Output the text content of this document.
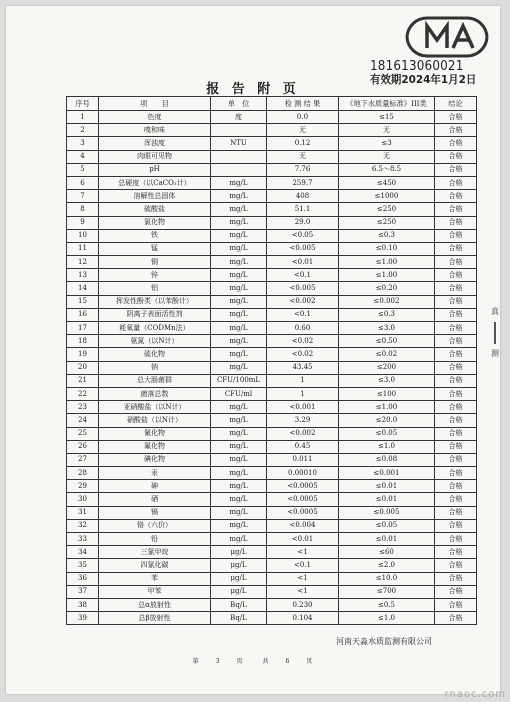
181613060021
有效期2024年1月2日
报 告 附 页
序号	项　　目	单　位	检 测 结 果	《地下水质量标准》III类	结论
1	色度	度	0.0	≤15	合格
2	嗅和味		无	无	合格
3	浑浊度	NTU	0.12	≤3	合格
4	肉眼可见物		无	无	合格
5	pH		7.76	6.5～8.5	合格
6	总硬度（以CaCO₃计）	mg/L	259.7	≤450	合格
7	溶解性总固体	mg/L	408	≤1000	合格
8	硫酸盐	mg/L	51.1	≤250	合格
9	氯化物	mg/L	29.0	≤250	合格
10	铁	mg/L	<0.05	≤0.3	合格
11	锰	mg/L	<0.005	≤0.10	合格
12	铜	mg/L	<0.01	≤1.00	合格
13	锌	mg/L	<0.1	≤1.00	合格
14	铝	mg/L	<0.005	≤0.20	合格
15	挥发性酚类（以苯酚计）	mg/L	<0.002	≤0.002	合格
16	阴离子表面活性剂	mg/L	<0.1	≤0.3	合格
17	耗氧量（CODMn法）	mg/L	0.60	≤3.0	合格
18	氨氮（以N计）	mg/L	<0.02	≤0.50	合格
19	硫化物	mg/L	<0.02	≤0.02	合格
20	钠	mg/L	43.45	≤200	合格
21	总大肠菌群	CFU/100mL	1	≤3.0	合格
22	菌落总数	CFU/ml	1	≤100	合格
23	亚硝酸盐（以N计）	mg/L	<0.001	≤1.00	合格
24	硝酸盐（以N计）	mg/L	3.29	≤20.0	合格
25	氰化物	mg/L	<0.002	≤0.05	合格
26	氟化物	mg/L	0.45	≤1.0	合格
27	碘化物	mg/L	0.011	≤0.08	合格
28	汞	mg/L	0.00010	≤0.001	合格
29	砷	mg/L	<0.0005	≤0.01	合格
30	硒	mg/L	<0.0005	≤0.01	合格
31	镉	mg/L	<0.0005	≤0.005	合格
32	铬（六价）	mg/L	<0.004	≤0.05	合格
33	铅	mg/L	<0.01	≤0.01	合格
34	三氯甲烷	μg/L	<1	≤60	合格
35	四氯化碳	μg/L	<0.1	≤2.0	合格
36	苯	μg/L	<1	≤10.0	合格
37	甲苯	μg/L	<1	≤700	合格
38	总α放射性	Bq/L	0.230	≤0.5	合格
39	总β放射性	Bq/L	0.104	≤1.0	合格
河南天淼水质监测有限公司
第	3	页	共	6	页
真
测
rnaoc.com
